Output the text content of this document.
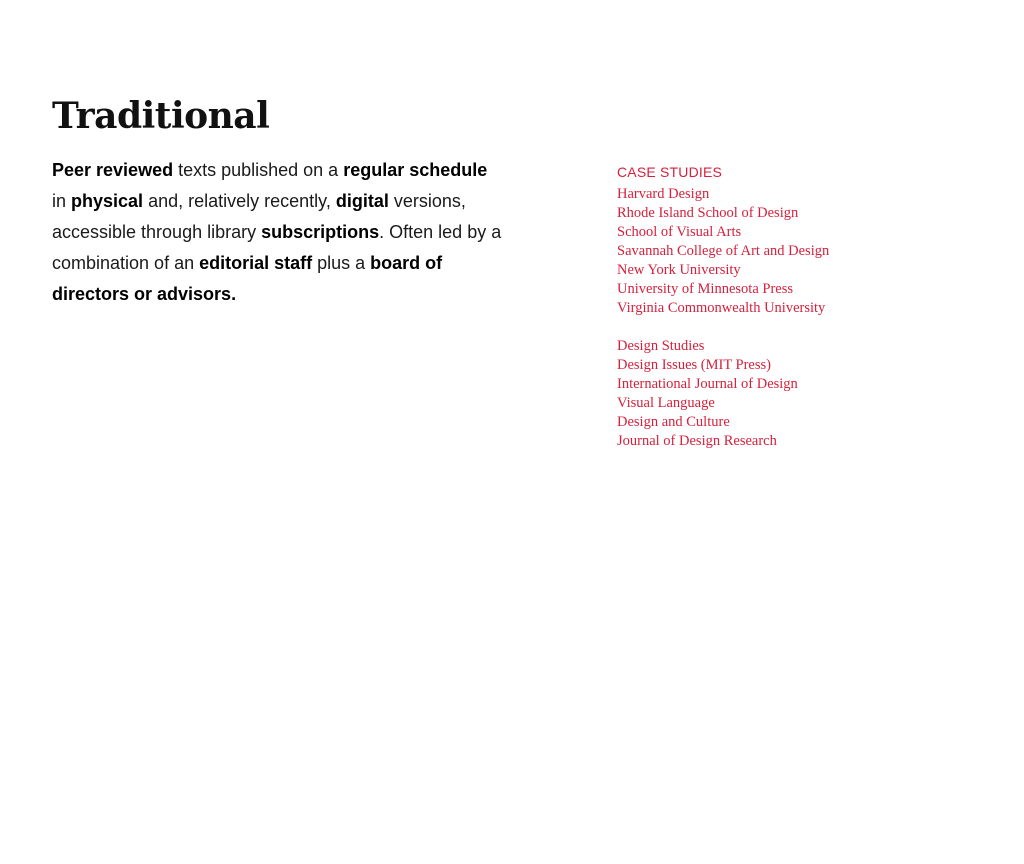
Traditional

Peer reviewed texts published on a regular schedule in physical and, relatively recently, digital versions, accessible through library subscriptions. Often led by a combination of an editorial staff plus a board of directors or advisors.

CASE STUDIES
Harvard Design
Rhode Island School of Design
School of Visual Arts
Savannah College of Art and Design
New York University
University of Minnesota Press
Virginia Commonwealth University
Design Studies
Design Issues (MIT Press)
International Journal of Design
Visual Language
Design and Culture
Journal of Design Research
